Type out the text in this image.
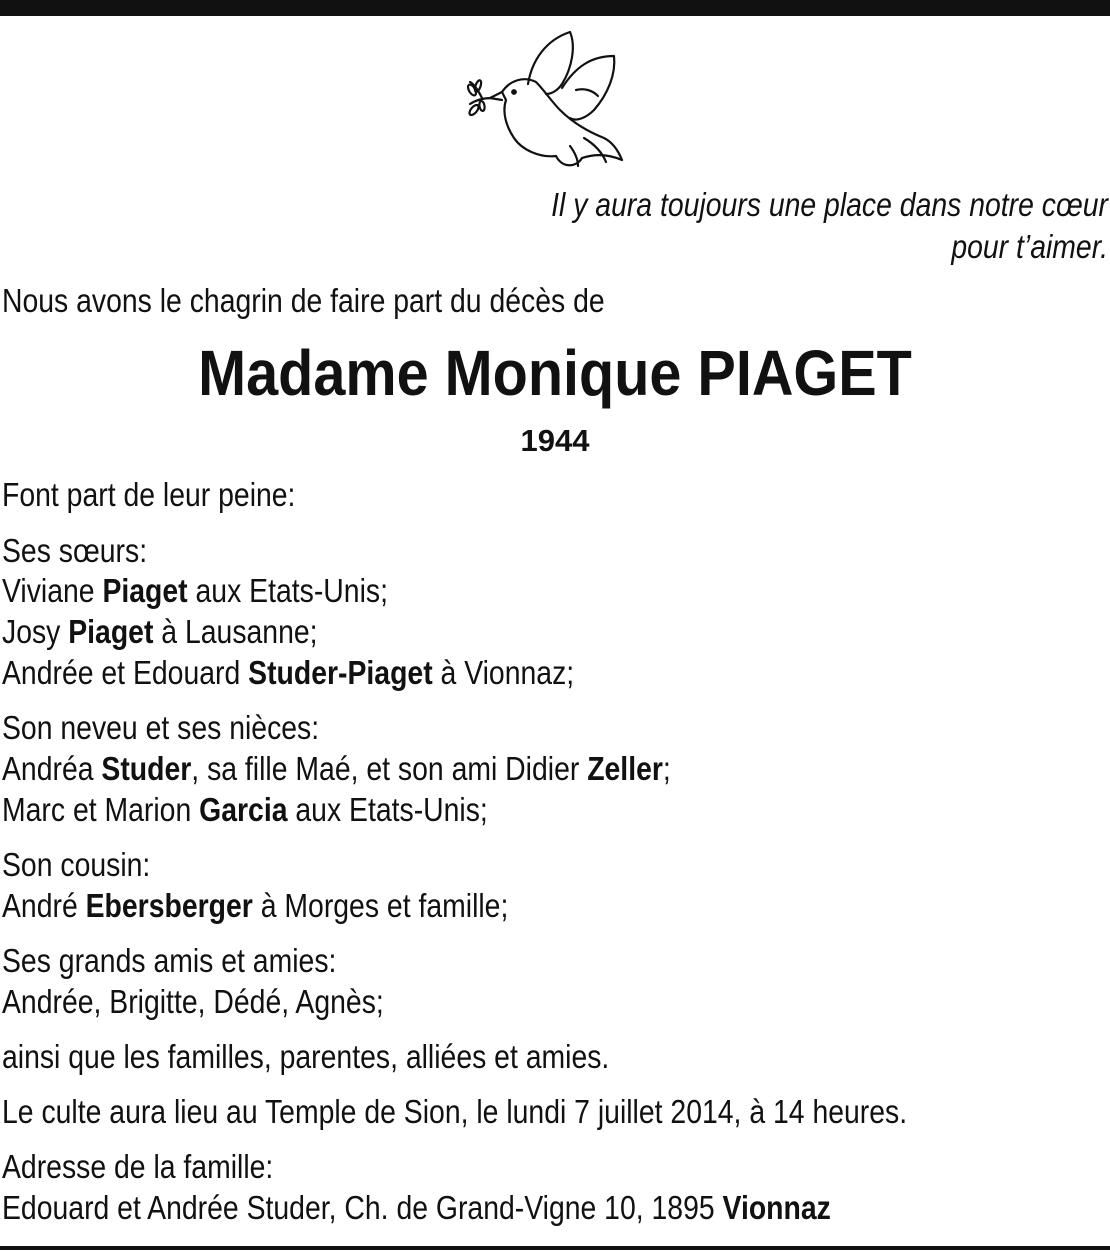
Il y aura toujours une place dans notre cœur
pour t’aimer.
Nous avons le chagrin de faire part du décès de
Madame Monique PIAGET
1944
Font part de leur peine:
Ses sœurs:
Viviane Piaget aux Etats-Unis;
Josy Piaget à Lausanne;
Andrée et Edouard Studer-Piaget à Vionnaz;
Son neveu et ses nièces:
Andréa Studer, sa fille Maé, et son ami Didier Zeller;
Marc et Marion Garcia aux Etats-Unis;
Son cousin:
André Ebersberger à Morges et famille;
Ses grands amis et amies:
Andrée, Brigitte, Dédé, Agnès;
ainsi que les familles, parentes, alliées et amies.
Le culte aura lieu au Temple de Sion, le lundi 7 juillet 2014, à 14 heures.
Adresse de la famille:
Edouard et Andrée Studer, Ch. de Grand-Vigne 10, 1895 Vionnaz
